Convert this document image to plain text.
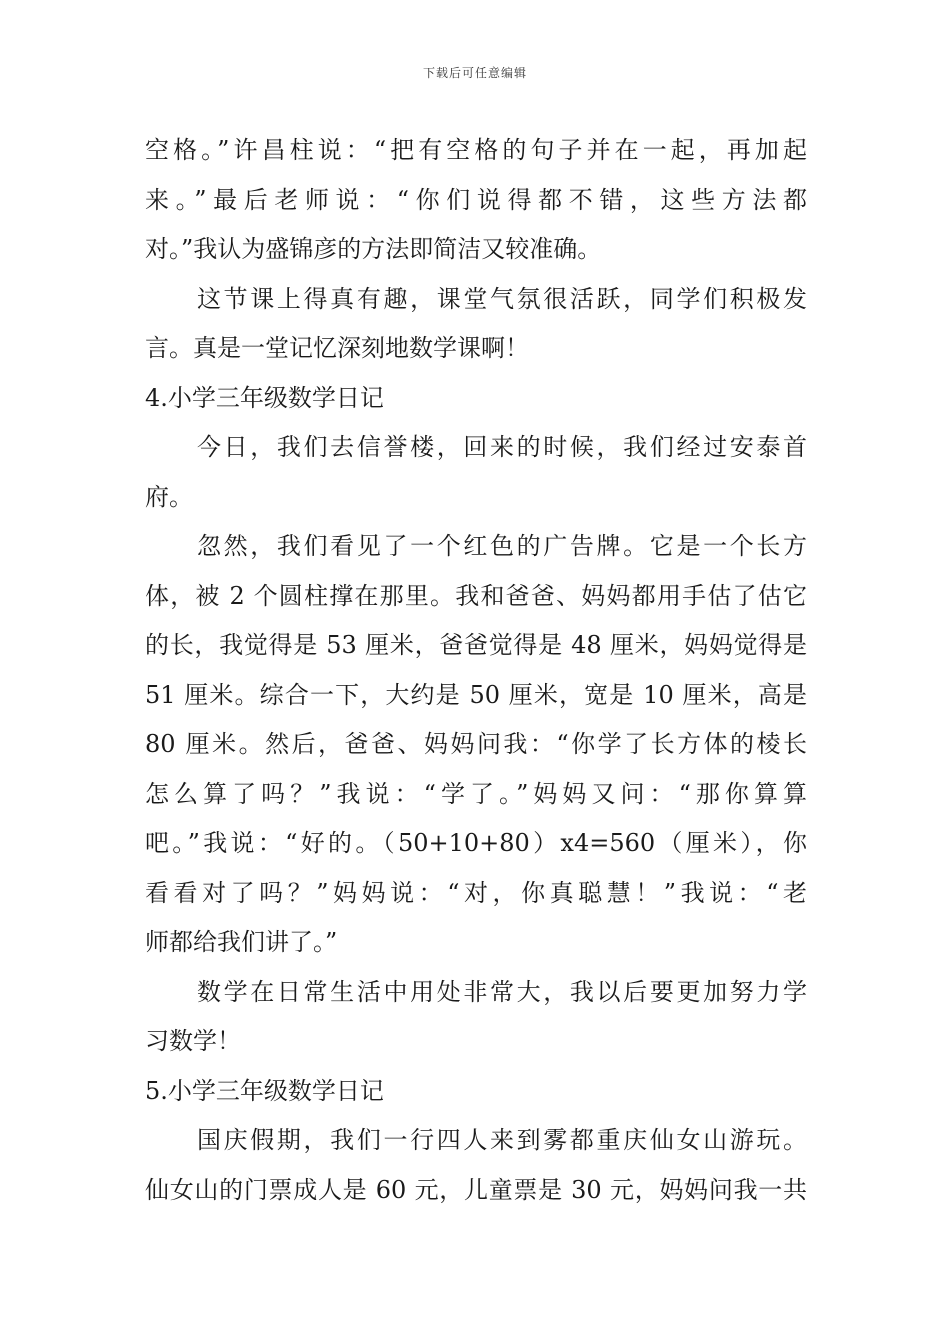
下载后可任意编辑
空格。”许昌柱说：“把有空格的句子并在一起，再加起
来。”最后老师说：“你们说得都不错，这些方法都
对。”我认为盛锦彦的方法即简洁又较准确。
这节课上得真有趣，课堂气氛很活跃，同学们积极发
言。真是一堂记忆深刻地数学课啊！
4.小学三年级数学日记
今日，我们去信誉楼，回来的时候，我们经过安泰首
府。
忽然，我们看见了一个红色的广告牌。它是一个长方
体，被 2 个圆柱撑在那里。我和爸爸、妈妈都用手估了估它
的长，我觉得是 53 厘米，爸爸觉得是 48 厘米，妈妈觉得是
51 厘米。综合一下，大约是 50 厘米，宽是 10 厘米，高是
80 厘米。然后，爸爸、妈妈问我：“你学了长方体的棱长
怎么算了吗？”我说：“学了。”妈妈又问：“那你算算
吧。”我说：“好的。（50+10+80）x4=560（厘米），你
看看对了吗？”妈妈说：“对，你真聪慧！”我说：“老
师都给我们讲了。”
数学在日常生活中用处非常大，我以后要更加努力学
习数学！
5.小学三年级数学日记
国庆假期，我们一行四人来到雾都重庆仙女山游玩。
仙女山的门票成人是 60 元，儿童票是 30 元，妈妈问我一共
